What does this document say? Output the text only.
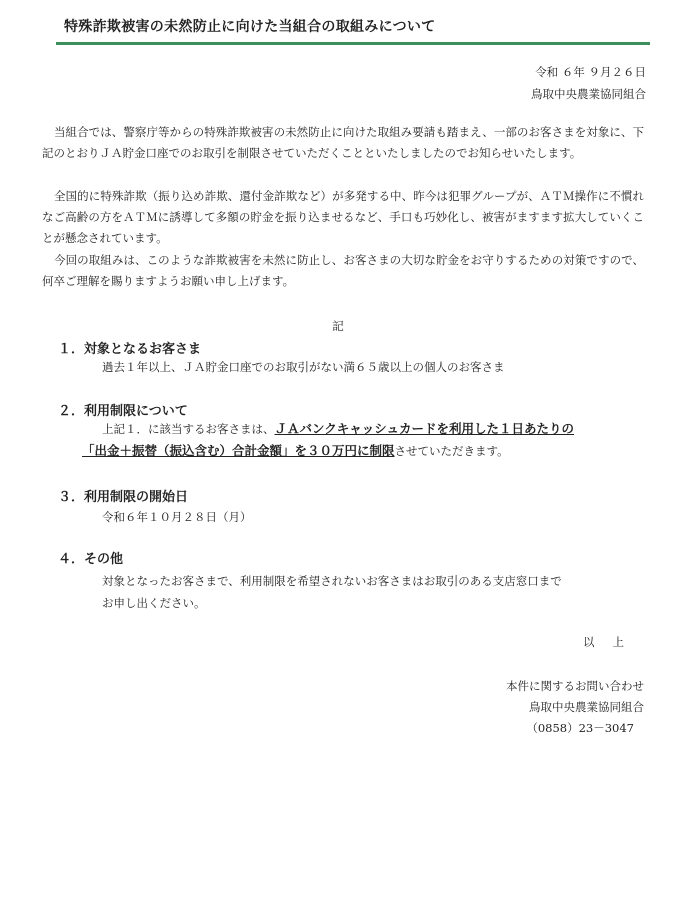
特殊詐欺被害の未然防止に向けた当組合の取組みについて
令和 ６年 ９月２６日
鳥取中央農業協同組合
当組合では、警察庁等からの特殊詐欺被害の未然防止に向けた取組み要請も踏まえ、一部のお客さまを対象に、下記のとおりＪＡ貯金口座でのお取引を制限させていただくことといたしましたのでお知らせいたします。
全国的に特殊詐欺（振り込め詐欺、還付金詐欺など）が多発する中、昨今は犯罪グループが、ＡＴＭ操作に不慣れなご高齢の方をＡＴＭに誘導して多額の貯金を振り込ませるなど、手口も巧妙化し、被害がますます拡大していくことが懸念されています。
今回の取組みは、このような詐欺被害を未然に防止し、お客さまの大切な貯金をお守りするための対策ですので、何卒ご理解を賜りますようお願い申し上げます。
記
１．対象となるお客さま
過去１年以上、ＪＡ貯金口座でのお取引がない満６５歳以上の個人のお客さま
２．利用制限について
上記１．に該当するお客さまは、ＪＡバンクキャッシュカードを利用した１日あたりの
「出金＋振替（振込含む）合計金額」を３０万円に制限させていただきます。
３．利用制限の開始日
令和６年１０月２８日（月）
４．その他
対象となったお客さまで、利用制限を希望されないお客さまはお取引のある支店窓口まで
お申し出ください。
以上
本件に関するお問い合わせ
鳥取中央農業協同組合
（0858）23－3047
